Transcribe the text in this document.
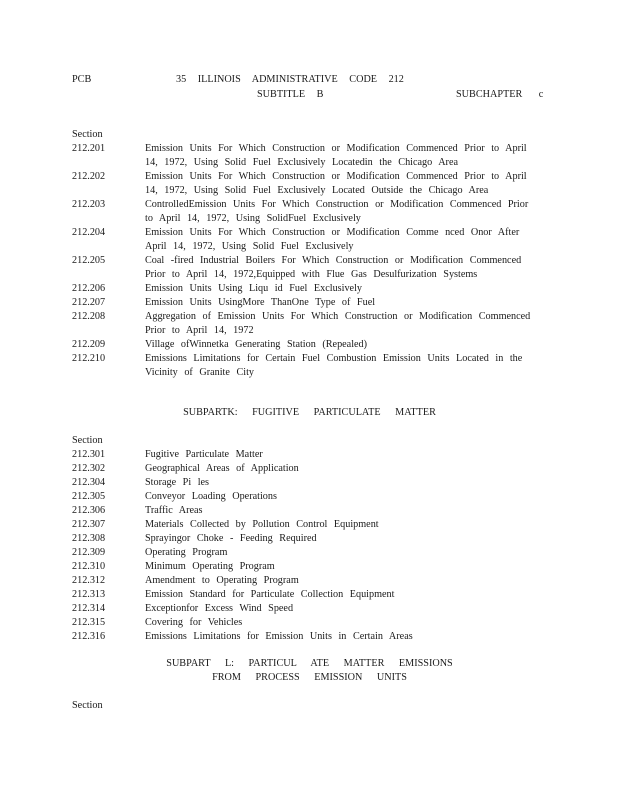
PCB	35 ILLINOIS ADMINISTRATIVE CODE 212
SUBTITLE B	SUBCHAPTER c
Section
212.201	Emission Units For Which Construction or Modification Commenced Prior to April 14, 1972, Using Solid Fuel Exclusively Locatedin the Chicago Area
212.202	Emission Units For Which Construction or Modification Commenced Prior to April 14, 1972, Using Solid Fuel Exclusively Located Outside the Chicago Area
212.203	ControlledEmission Units For Which Construction or Modification Commenced Prior to April 14, 1972, Using SolidFuel Exclusively
212.204	Emission Units For Which Construction or Modification Comme nced Onor After April 14, 1972, Using Solid Fuel Exclusively
212.205	Coal -fired Industrial Boilers For Which Construction or Modification Commenced Prior to April 14, 1972,Equipped with Flue Gas Desulfurization Systems
212.206	Emission Units Using Liqu id Fuel Exclusively
212.207	Emission Units UsingMore ThanOne Type of Fuel
212.208	Aggregation of Emission Units For Which Construction or Modification Commenced Prior to April 14, 1972
212.209	Village ofWinnetka Generating Station (Repealed)
212.210	Emissions Limitations for Certain Fuel Combustion Emission Units Located in the Vicinity of Granite City
SUBPARTK: FUGITIVE PARTICULATE MATTER
Section
212.301	Fugitive Particulate Matter
212.302	Geographical Areas of Application
212.304	Storage Pi les
212.305	Conveyor Loading Operations
212.306	Traffic Areas
212.307	Materials Collected by Pollution Control Equipment
212.308	Sprayingor Choke - Feeding Required
212.309	Operating Program
212.310	Minimum Operating Program
212.312	Amendment to Operating Program
212.313	Emission Standard for Particulate Collection Equipment
212.314	Exceptionfor Excess Wind Speed
212.315	Covering for Vehicles
212.316	Emissions Limitations for Emission Units in Certain Areas
SUBPART L: PARTICUL ATE MATTER EMISSIONS
FROM PROCESS EMISSION UNITS
Section
